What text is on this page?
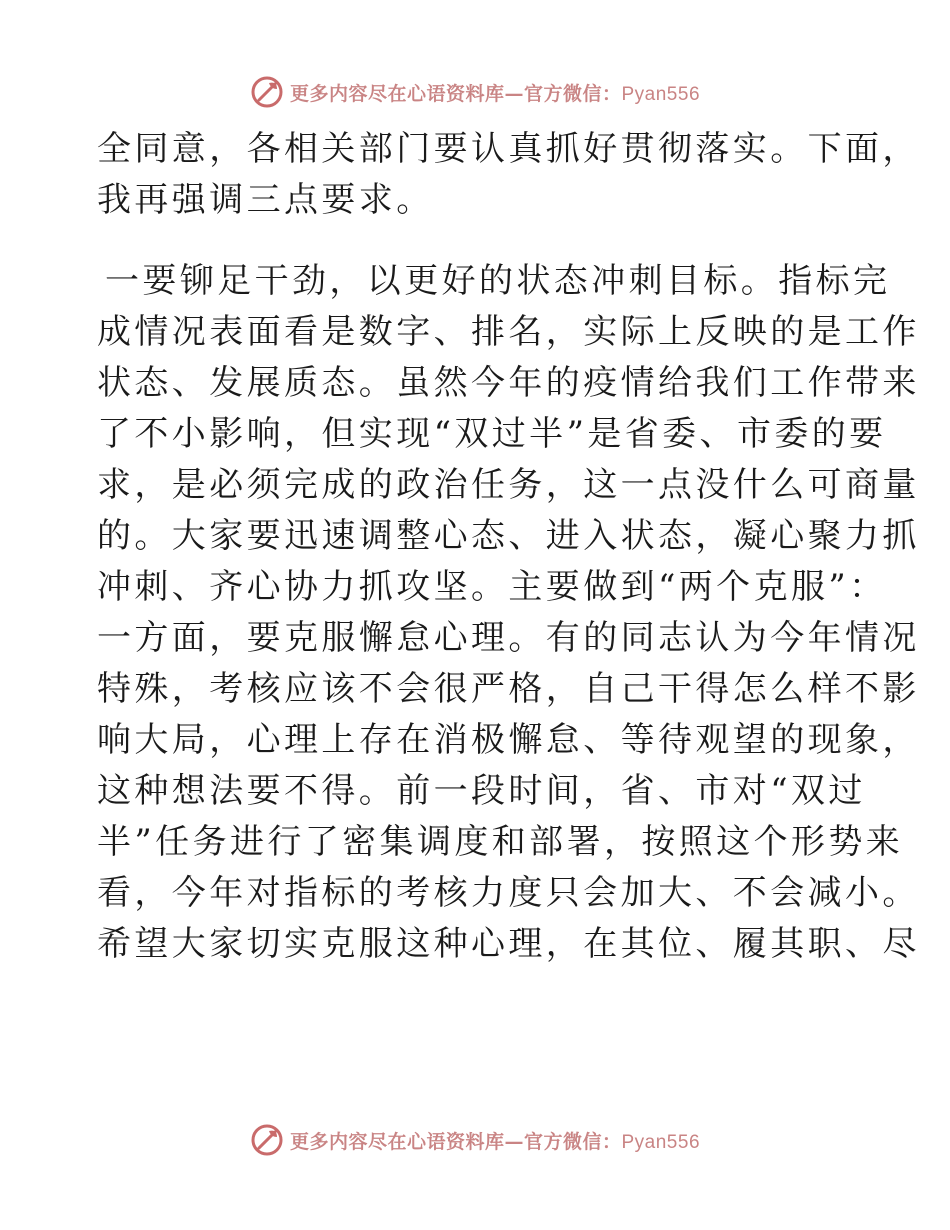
更多内容尽在心语资料库—官方微信：Pyan556
全同意，各相关部门要认真抓好贯彻落实。下面，
我再强调三点要求。
一要铆足干劲，以更好的状态冲刺目标。指标完
成情况表面看是数字、排名，实际上反映的是工作
状态、发展质态。虽然今年的疫情给我们工作带来
了不小影响，但实现“双过半”是省委、市委的要
求，是必须完成的政治任务，这一点没什么可商量
的。大家要迅速调整心态、进入状态，凝心聚力抓
冲刺、齐心协力抓攻坚。主要做到“两个克服”：
一方面，要克服懈怠心理。有的同志认为今年情况
特殊，考核应该不会很严格，自己干得怎么样不影
响大局，心理上存在消极懈怠、等待观望的现象，
这种想法要不得。前一段时间，省、市对“双过
半”任务进行了密集调度和部署，按照这个形势来
看，今年对指标的考核力度只会加大、不会减小。
希望大家切实克服这种心理，在其位、履其职、尽
更多内容尽在心语资料库—官方微信：Pyan556
